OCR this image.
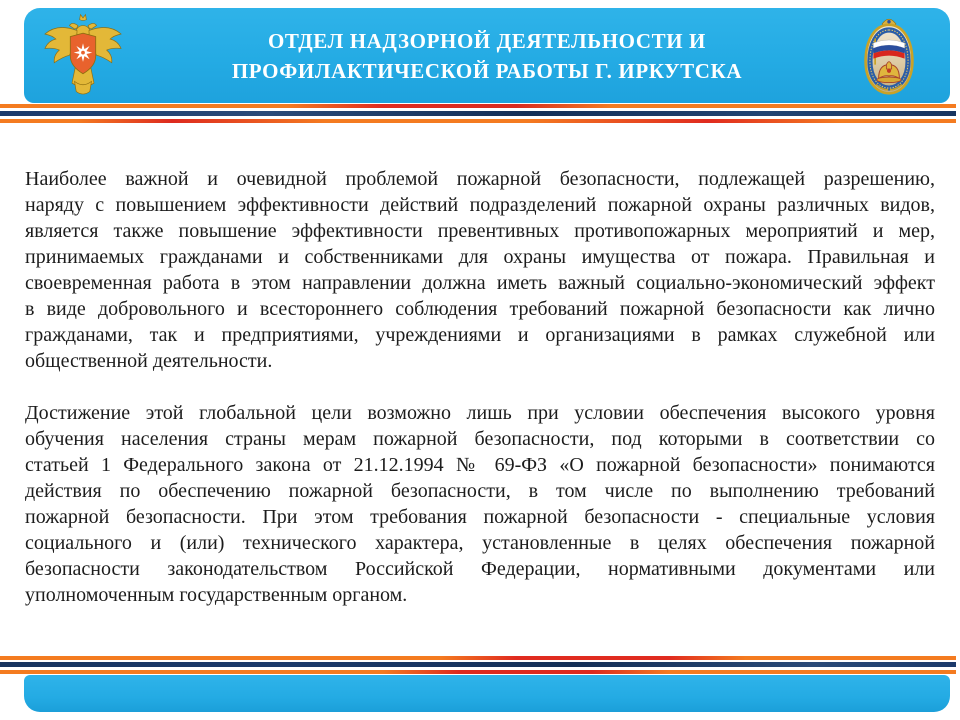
ОТДЕЛ НАДЗОРНОЙ ДЕЯТЕЛЬНОСТИ И
ПРОФИЛАКТИЧЕСКОЙ РАБОТЫ Г. ИРКУТСКА
Наиболее важной и очевидной проблемой пожарной безопасности, подлежащей разрешению,
наряду с повышением эффективности действий подразделений пожарной охраны различных видов,
является также повышение эффективности превентивных противопожарных мероприятий и мер,
принимаемых гражданами и собственниками для охраны имущества от пожара. Правильная и
своевременная работа в этом направлении должна иметь важный социально-экономический эффект
в виде добровольного и всестороннего соблюдения требований пожарной безопасности как лично
гражданами, так и предприятиями, учреждениями и организациями в рамках служебной или
общественной деятельности.
Достижение этой глобальной цели возможно лишь при условии обеспечения высокого уровня
обучения населения страны мерам пожарной безопасности, под которыми в соответствии со
статьей 1 Федерального закона от 21.12.1994 № 69-ФЗ «О пожарной безопасности» понимаются
действия по обеспечению пожарной безопасности, в том числе по выполнению требований
пожарной безопасности. При этом требования пожарной безопасности - специальные условия
социального и (или) технического характера, установленные в целях обеспечения пожарной
безопасности законодательством Российской Федерации, нормативными документами или
уполномоченным государственным органом.
